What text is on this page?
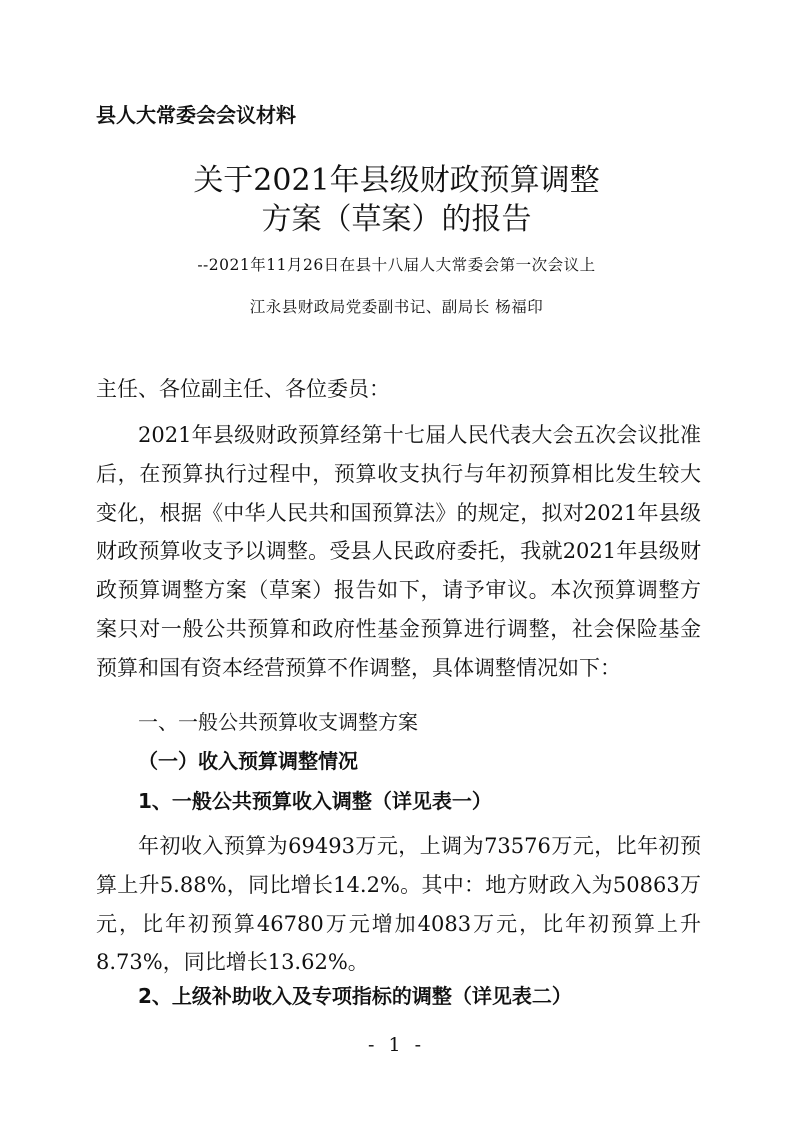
县人大常委会会议材料
关于2021年县级财政预算调整
方案（草案）的报告
--2021年11月26日在县十八届人大常委会第一次会议上
江永县财政局党委副书记、副局长 杨福印
主任、各位副主任、各位委员：

2021年县级财政预算经第十七届人民代表大会五次会议批准后，在预算执行过程中，预算收支执行与年初预算相比发生较大变化，根据《中华人民共和国预算法》的规定，拟对2021年县级财政预算收支予以调整。受县人民政府委托，我就2021年县级财政预算调整方案（草案）报告如下，请予审议。本次预算调整方案只对一般公共预算和政府性基金预算进行调整，社会保险基金预算和国有资本经营预算不作调整，具体调整情况如下：

一、一般公共预算收支调整方案
（一）收入预算调整情况
1、一般公共预算收入调整（详见表一）

年初收入预算为69493万元，上调为73576万元，比年初预算上升5.88%，同比增长14.2%。其中：地方财政入为50863万元，比年初预算46780万元增加4083万元，比年初预算上升8.73%，同比增长13.62%。

2、上级补助收入及专项指标的调整（详见表二）
- 1 -
